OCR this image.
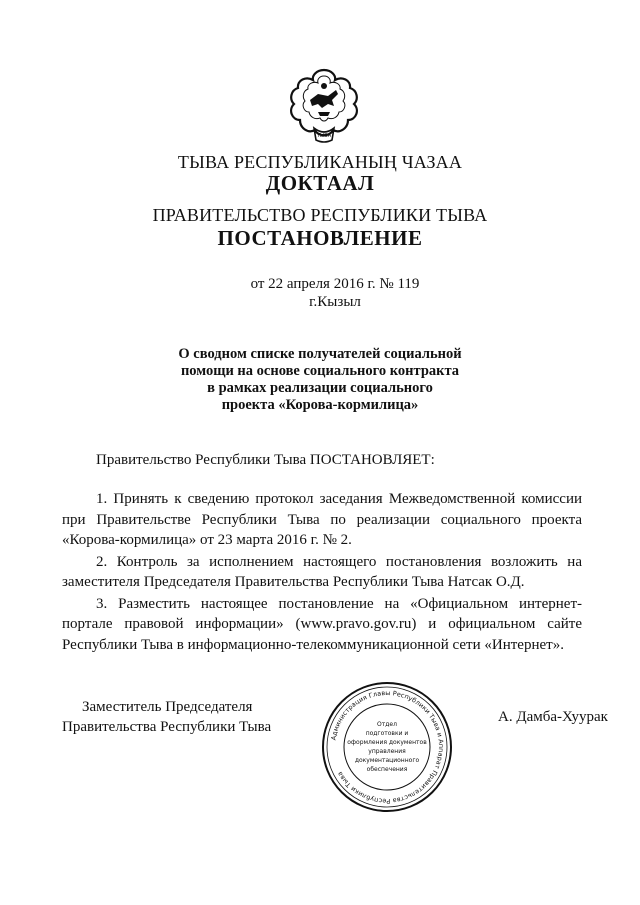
ТЫВА
ТЫВА РЕСПУБЛИКАНЫҢ ЧАЗАА
ДОКТААЛ
ПРАВИТЕЛЬСТВО РЕСПУБЛИКИ ТЫВА
ПОСТАНОВЛЕНИЕ
от 22 апреля 2016 г. № 119
г.Кызыл
О сводном списке получателей социальной
помощи на основе социального контракта
в рамках реализации социального
проекта «Корова-кормилица»
Правительство Республики Тыва ПОСТАНОВЛЯЕТ:

1. Принять к сведению протокол заседания Межведомственной комиссии при Правительстве Республики Тыва по реализации социального проекта «Корова-кормилица» от 23 марта 2016 г. № 2.

2. Контроль за исполнением настоящего постановления возложить на заместителя Председателя Правительства Республики Тыва Натсак О.Д.

3. Разместить настоящее постановление на «Официальном интернет-портале правовой информации» (www.pravo.gov.ru) и официальном сайте Республики Тыва в информационно-телекоммуникационной сети «Интернет».

Заместитель Председателя
Правительства Республики Тыва
А. Дамба-Хуурак
Администрация Главы Республики Тыва и Аппарат Правительства Республики Тыва
Отдел
подготовки и
оформления документов
управления
документационного
обеспечения
